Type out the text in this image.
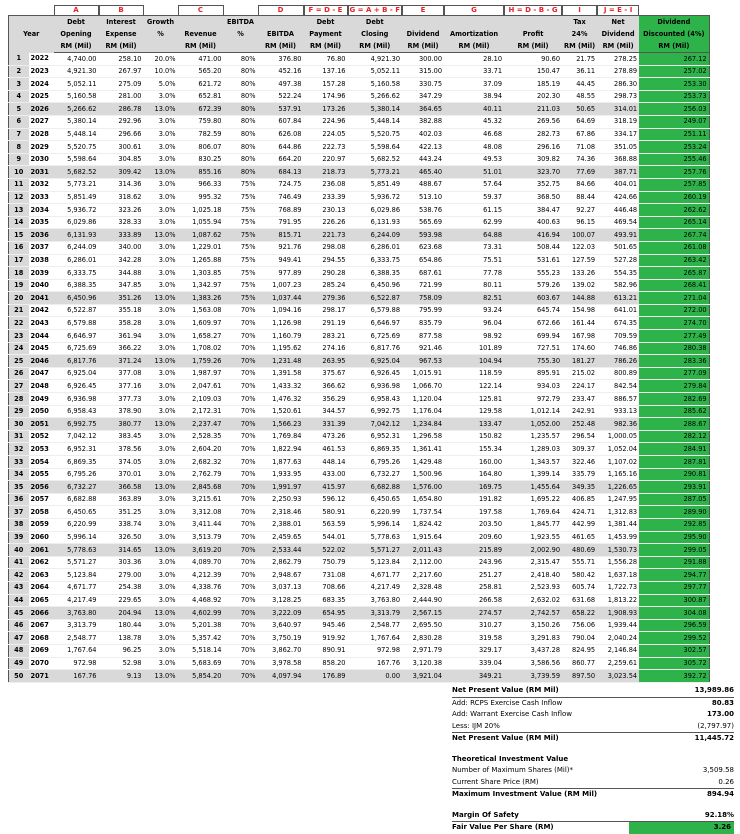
		A	B		C		D	F = D - E	G = A + B - F	E	G	H = D - B - G	I	J = E - I	
Year		Debt	Interest	Growth		EBITDA		Debt	Debt				Tax	Net	Dividend
		Opening	Expense	%	Revenue	%	EBITDA	Payment	Closing	Dividend	Amortization	Profit	24%	Dividend	Discounted (4%)
		RM (Mil)	RM (Mil)		RM (Mil)		RM (Mil)	RM (Mil)	RM (Mil)	RM (Mil)	RM (Mil)	RM (Mil)	RM (Mil)	RM (Mil)	RM (Mil)
1	2022	4,740.00	258.10	20.0%	471.00	80%	376.80	76.80	4,921.30	300.00	28.10	90.60	21.75	278.25	267.12
2	2023	4,921.30	267.97	10.0%	565.20	80%	452.16	137.16	5,052.11	315.00	33.71	150.47	36.11	278.89	257.02
3	2024	5,052.11	275.09	5.0%	621.72	80%	497.38	157.28	5,160.58	330.75	37.09	185.19	44.45	286.30	253.30
4	2025	5,160.58	281.00	3.0%	652.81	80%	522.24	174.96	5,266.62	347.29	38.94	202.30	48.55	298.73	253.73
5	2026	5,266.62	286.78	13.0%	672.39	80%	537.91	173.26	5,380.14	364.65	40.11	211.03	50.65	314.01	256.03
6	2027	5,380.14	292.96	3.0%	759.80	80%	607.84	224.96	5,448.14	382.88	45.32	269.56	64.69	318.19	249.07
7	2028	5,448.14	296.66	3.0%	782.59	80%	626.08	224.05	5,520.75	402.03	46.68	282.73	67.86	334.17	251.11
8	2029	5,520.75	300.61	3.0%	806.07	80%	644.86	222.73	5,598.64	422.13	48.08	296.16	71.08	351.05	253.24
9	2030	5,598.64	304.85	3.0%	830.25	80%	664.20	220.97	5,682.52	443.24	49.53	309.82	74.36	368.88	255.46
10	2031	5,682.52	309.42	13.0%	855.16	80%	684.13	218.73	5,773.21	465.40	51.01	323.70	77.69	387.71	257.76
11	2032	5,773.21	314.36	3.0%	966.33	75%	724.75	236.08	5,851.49	488.67	57.64	352.75	84.66	404.01	257.85
12	2033	5,851.49	318.62	3.0%	995.32	75%	746.49	233.39	5,936.72	513.10	59.37	368.50	88.44	424.66	260.19
13	2034	5,936.72	323.26	3.0%	1,025.18	75%	768.89	230.13	6,029.86	538.76	61.15	384.47	92.27	446.48	262.62
14	2035	6,029.86	328.33	3.0%	1,055.94	75%	791.95	226.26	6,131.93	565.69	62.99	400.63	96.15	469.54	265.14
15	2036	6,131.93	333.89	13.0%	1,087.62	75%	815.71	221.73	6,244.09	593.98	64.88	416.94	100.07	493.91	267.74
16	2037	6,244.09	340.00	3.0%	1,229.01	75%	921.76	298.08	6,286.01	623.68	73.31	508.44	122.03	501.65	261.08
17	2038	6,286.01	342.28	3.0%	1,265.88	75%	949.41	294.55	6,333.75	654.86	75.51	531.61	127.59	527.28	263.42
18	2039	6,333.75	344.88	3.0%	1,303.85	75%	977.89	290.28	6,388.35	687.61	77.78	555.23	133.26	554.35	265.87
19	2040	6,388.35	347.85	3.0%	1,342.97	75%	1,007.23	285.24	6,450.96	721.99	80.11	579.26	139.02	582.96	268.41
20	2041	6,450.96	351.26	13.0%	1,383.26	75%	1,037.44	279.36	6,522.87	758.09	82.51	603.67	144.88	613.21	271.04
21	2042	6,522.87	355.18	3.0%	1,563.08	70%	1,094.16	298.17	6,579.88	795.99	93.24	645.74	154.98	641.01	272.00
22	2043	6,579.88	358.28	3.0%	1,609.97	70%	1,126.98	291.19	6,646.97	835.79	96.04	672.66	161.44	674.35	274.70
23	2044	6,646.97	361.94	3.0%	1,658.27	70%	1,160.79	283.21	6,725.69	877.58	98.92	699.94	167.98	709.59	277.49
24	2045	6,725.69	366.22	3.0%	1,708.02	70%	1,195.62	274.16	6,817.76	921.46	101.89	727.51	174.60	746.86	280.38
25	2046	6,817.76	371.24	13.0%	1,759.26	70%	1,231.48	263.95	6,925.04	967.53	104.94	755.30	181.27	786.26	283.36
26	2047	6,925.04	377.08	3.0%	1,987.97	70%	1,391.58	375.67	6,926.45	1,015.91	118.59	895.91	215.02	800.89	277.09
27	2048	6,926.45	377.16	3.0%	2,047.61	70%	1,433.32	366.62	6,936.98	1,066.70	122.14	934.03	224.17	842.54	279.84
28	2049	6,936.98	377.73	3.0%	2,109.03	70%	1,476.32	356.29	6,958.43	1,120.04	125.81	972.79	233.47	886.57	282.69
29	2050	6,958.43	378.90	3.0%	2,172.31	70%	1,520.61	344.57	6,992.75	1,176.04	129.58	1,012.14	242.91	933.13	285.62
30	2051	6,992.75	380.77	13.0%	2,237.47	70%	1,566.23	331.39	7,042.12	1,234.84	133.47	1,052.00	252.48	982.36	288.67
31	2052	7,042.12	383.45	3.0%	2,528.35	70%	1,769.84	473.26	6,952.31	1,296.58	150.82	1,235.57	296.54	1,000.05	282.12
32	2053	6,952.31	378.56	3.0%	2,604.20	70%	1,822.94	461.53	6,869.35	1,361.41	155.34	1,289.03	309.37	1,052.04	284.91
33	2054	6,869.35	374.05	3.0%	2,682.32	70%	1,877.63	448.14	6,795.26	1,429.48	160.00	1,343.57	322.46	1,107.02	287.81
34	2055	6,795.26	370.01	3.0%	2,762.79	70%	1,933.95	433.00	6,732.27	1,500.96	164.80	1,399.14	335.79	1,165.16	290.81
35	2056	6,732.27	366.58	13.0%	2,845.68	70%	1,991.97	415.97	6,682.88	1,576.00	169.75	1,455.64	349.35	1,226.65	293.91
36	2057	6,682.88	363.89	3.0%	3,215.61	70%	2,250.93	596.12	6,450.65	1,654.80	191.82	1,695.22	406.85	1,247.95	287.05
37	2058	6,450.65	351.25	3.0%	3,312.08	70%	2,318.46	580.91	6,220.99	1,737.54	197.58	1,769.64	424.71	1,312.83	289.90
38	2059	6,220.99	338.74	3.0%	3,411.44	70%	2,388.01	563.59	5,996.14	1,824.42	203.50	1,845.77	442.99	1,381.44	292.85
39	2060	5,996.14	326.50	3.0%	3,513.79	70%	2,459.65	544.01	5,778.63	1,915.64	209.60	1,923.55	461.65	1,453.99	295.90
40	2061	5,778.63	314.65	13.0%	3,619.20	70%	2,533.44	522.02	5,571.27	2,011.43	215.89	2,002.90	480.69	1,530.73	299.05
41	2062	5,571.27	303.36	3.0%	4,089.70	70%	2,862.79	750.79	5,123.84	2,112.00	243.96	2,315.47	555.71	1,556.28	291.88
42	2063	5,123.84	279.00	3.0%	4,212.39	70%	2,948.67	731.08	4,671.77	2,217.60	251.27	2,418.40	580.42	1,637.18	294.77
43	2064	4,671.77	254.38	3.0%	4,338.76	70%	3,037.13	708.66	4,217.49	2,328.48	258.81	2,523.93	605.74	1,722.73	297.77
44	2065	4,217.49	229.65	3.0%	4,468.92	70%	3,128.25	683.35	3,763.80	2,444.90	266.58	2,632.02	631.68	1,813.22	300.87
45	2066	3,763.80	204.94	13.0%	4,602.99	70%	3,222.09	654.95	3,313.79	2,567.15	274.57	2,742.57	658.22	1,908.93	304.08
46	2067	3,313.79	180.44	3.0%	5,201.38	70%	3,640.97	945.46	2,548.77	2,695.50	310.27	3,150.26	756.06	1,939.44	296.59
47	2068	2,548.77	138.78	3.0%	5,357.42	70%	3,750.19	919.92	1,767.64	2,830.28	319.58	3,291.83	790.04	2,040.24	299.52
48	2069	1,767.64	96.25	3.0%	5,518.14	70%	3,862.70	890.91	972.98	2,971.79	329.17	3,437.28	824.95	2,146.84	302.57
49	2070	972.98	52.98	3.0%	5,683.69	70%	3,978.58	858.20	167.76	3,120.38	339.04	3,586.56	860.77	2,259.61	305.72
50	2071	167.76	9.13	13.0%	5,854.20	70%	4,097.94	176.89	0.00	3,921.04	349.21	3,739.59	897.50	3,023.54	392.72
Net Present Value (RM Mil)	13,989.86
Add: RCPS Exercise Cash Inflow	80.83
Add: Warrant Exercise Cash Inflow	173.00
Less: IJM 20%	(2,797.97)
Net Present Value (RM Mil)	11,445.72
Theoretical Investment Value
Number of Maximum Shares (Mil)*	3,509.58
Current Share Price (RM)	0.26
Maximum Investment Value (RM Mil)	894.94
Margin Of Safety	92.18%
Fair Value Per Share (RM)	3.26
